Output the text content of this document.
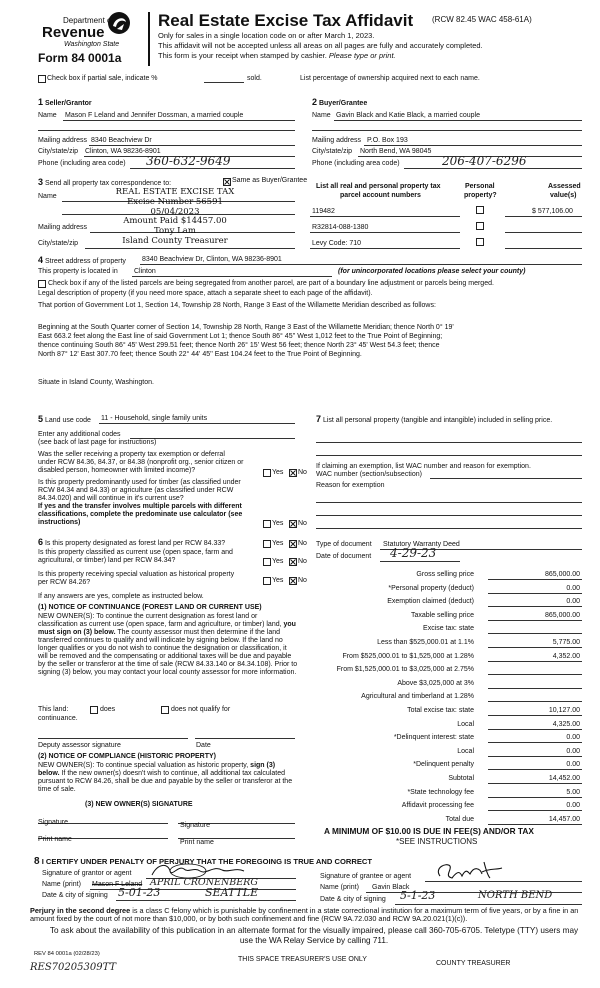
Department of
Revenue
Washington State
Form 84 0001a
Real Estate Excise Tax Affidavit (RCW 82.45 WAC 458-61A)
Only for sales in a single location code on or after March 1, 2023.
This affidavit will not be accepted unless all areas on all pages are fully and accurately completed.
This form is your receipt when stamped by cashier. Please type or print.
Check box if partial sale, indicate %	sold.	List percentage of ownership acquired next to each name.
1 Seller/Grantor
Name Mason F Leland and Jennifer Dossman, a married couple
Mailing address 8340 Beachview Dr
City/state/zip Clinton, WA 98236-8901
Phone (including area code) 360-632-9649
2 Buyer/Grantee
Name Gavin Black and Katie Black, a married couple
Mailing address P.O. Box 193
City/state/zip North Bend, WA 98045
Phone (including area code)	206-407-6296
3 Send all property tax correspondence to:	Same as Buyer/Grantee
Name
Mailing address
City/state/zip
REAL ESTATE EXCISE TAX
Excise Number 56591
05/04/2023
Amount Paid $14457.00
Tony Lam
Island County Treasurer
List all real and personal property tax
parcel account numbers
Personal
property?
Assessed
value(s)
119482	$ 577,106.00
R32814-088-1380
Levy Code: 710
4 Street address of property 8340 Beachview Dr, Clinton, WA 98236-8901
This property is located in Clinton	(for unincorporated locations please select your county)
Check box if any of the listed parcels are being segregated from another parcel, are part of a boundary line adjustment or parcels being merged.
Legal description of property (if you need more space, attach a separate sheet to each page of the affidavit).
That portion of Government Lot 1, Section 14, Township 28 North, Range 3 East of the Willamette Meridian described as follows:
Beginning at the South Quarter corner of Section 14, Township 28 North, Range 3 East of the Willamette Meridian; thence North 0° 19' East 663.2 feet along the East line of said Government Lot 1; thence South 86° 45'' West 1,012 feet to the True Point of Beginning; thence continuing South 86° 45' West 299.51 feet; thence North 26° 15' West 56 feet; thence North 23° 45' West 54.3 feet; thence North 87° 12' East 307.70 feet; thence South 22° 44' 45'' East 104.24 feet to the True Point of Beginning.
Situate in Island County, Washington.
5 Land use code 11 - Household, single family units
Enter any additional codes
(see back of last page for instructions)
Was the seller receiving a property tax exemption or deferral under RCW 84.36, 84.37, or 84.38 (nonprofit org., senior citizen or disabled person, homeowner with limited income)?	Yes No
Is this property predominantly used for timber (as classified under RCW 84.34 and 84.33) or agriculture (as classified under RCW 84.34.020) and will continue in it's current use?
If yes and the transfer involves multiple parcels with different classifications, complete the predominate use calculator (see instructions)	Yes No
7 List all personal property (tangible and intangible) included in selling price.
If claiming an exemption, list WAC number and reason for exemption.
WAC number (section/subsection)
Reason for exemption
6 Is this property designated as forest land per RCW 84.33?	Yes No
Is this property classified as current use (open space, farm and agricultural, or timber) land per RCW 84.34?	Yes No
Is this property receiving special valuation as historical property per RCW 84.26?	Yes No
If any answers are yes, complete as instructed below.
(1) NOTICE OF CONTINUANCE (FOREST LAND OR CURRENT USE)
NEW OWNER(S): To continue the current designation as forest land or classification as current use (open space, farm and agriculture, or timber) land, you must sign on (3) below. The county assessor must then determine if the land transferred continues to qualify and will indicate by signing below. If the land no longer qualifies or you do not wish to continue the designation or classification, it will be removed and the compensating or additional taxes will be due and payable by the seller or transferor at the time of sale (RCW 84.33.140 or 84.34.108). Prior to signing (3) below, you may contact your local county assessor for more information.
This land:	does	does not qualify for
continuance.
Deputy assessor signature	Date
(2) NOTICE OF COMPLIANCE (HISTORIC PROPERTY)
NEW OWNER(S): To continue special valuation as historic property, sign (3) below. If the new owner(s) doesn't wish to continue, all additional tax calculated pursuant to RCW 84.26, shall be due and payable by the seller or transferor at the time of sale.
(3) NEW OWNER(S) SIGNATURE
Signature	Signature
Print name	Print name
Type of document Statutory Warranty Deed
Date of document 4-29-23
Gross selling price	865,000.00
*Personal property (deduct)	0.00
Exemption claimed (deduct)	0.00
Taxable selling price	865,000.00
Excise tax: state
Less than $525,000.01 at 1.1%	5,775.00
From $525,000.01 to $1,525,000 at 1.28%	4,352.00
From $1,525,000.01 to $3,025,000 at 2.75%
Above $3,025,000 at 3%
Agricultural and timberland at 1.28%
Total excise tax: state	10,127.00
Local	4,325.00
*Delinquent interest: state	0.00
Local	0.00
*Delinquent penalty	0.00
Subtotal	14,452.00
*State technology fee	5.00
Affidavit processing fee	0.00
Total due	14,457.00
A MINIMUM OF $10.00 IS DUE IN FEE(S) AND/OR TAX
*SEE INSTRUCTIONS
8 I CERTIFY UNDER PENALTY OF PERJURY THAT THE FOREGOING IS TRUE AND CORRECT
Signature of grantor or agent
Name (print) Mason F Leland APRIL CRONENBERG
Date & city of signing 5-01-23	SEATTLE
Signature of grantee or agent
Name (print) Gavin Black
Date & city of signing 5-1-23	NORTH BEND
Perjury in the second degree is a class C felony which is punishable by confinement in a state correctional institution for a maximum term of five years, or by a fine in an amount fixed by the court of not more than $10,000, or by both such confinement and fine (RCW 9A.72.030 and RCW 9A.20.021(1)(c)).
To ask about the availability of this publication in an alternate format for the visually impaired, please call 360-705-6705. Teletype (TTY) users may use the WA Relay Service by calling 711.
REV 84 0001a (02/28/23)
THIS SPACE TREASURER'S USE ONLY
COUNTY TREASURER
RES70205309TT
